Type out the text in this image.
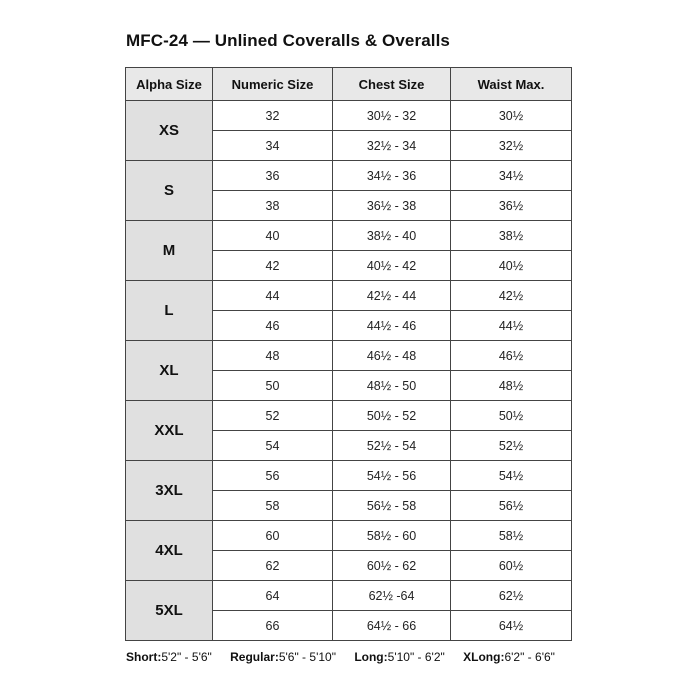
MFC-24 — Unlined Coveralls & Overalls
Alpha Size	Numeric Size	Chest Size	Waist Max.
XS	32	30½ - 32	30½
	34	32½ - 34	32½
S	36	34½ - 36	34½
	38	36½ - 38	36½
M	40	38½ - 40	38½
	42	40½ - 42	40½
L	44	42½ - 44	42½
	46	44½ - 46	44½
XL	48	46½ - 48	46½
	50	48½ - 50	48½
XXL	52	50½ - 52	50½
	54	52½ - 54	52½
3XL	56	54½ - 56	54½
	58	56½ - 58	56½
4XL	60	58½ - 60	58½
	62	60½ - 62	60½
5XL	64	62½ -64	62½
	66	64½ - 66	64½
Short:5'2" - 5'6" Regular:5'6" - 5'10" Long:5'10" - 6'2" XLong:6'2" - 6'6"
